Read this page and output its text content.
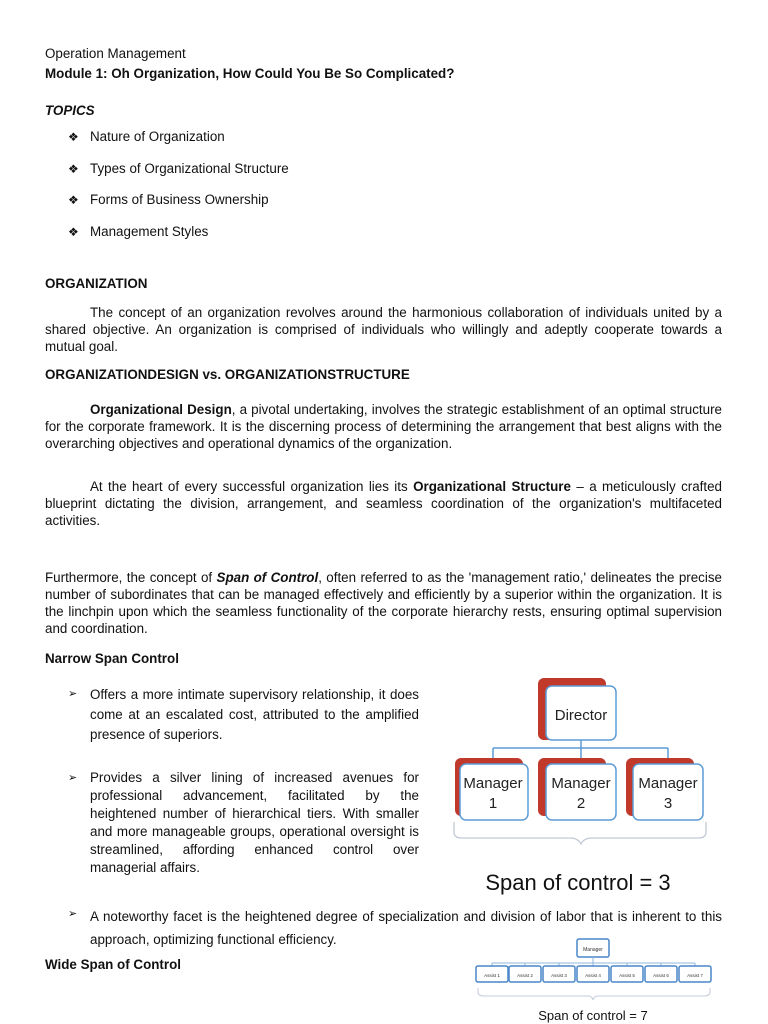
Operation Management
Module 1: Oh Organization, How Could You Be So Complicated?
TOPICS
❖ Nature of Organization
❖ Types of Organizational Structure
❖ Forms of Business Ownership
❖ Management Styles
ORGANIZATION
The concept of an organization revolves around the harmonious collaboration of individuals united by a shared objective. An organization is comprised of individuals who willingly and adeptly cooperate towards a mutual goal.
ORGANIZATIONDESIGN vs. ORGANIZATIONSTRUCTURE
Organizational Design, a pivotal undertaking, involves the strategic establishment of an optimal structure for the corporate framework. It is the discerning process of determining the arrangement that best aligns with the overarching objectives and operational dynamics of the organization.
At the heart of every successful organization lies its Organizational Structure – a meticulously crafted blueprint dictating the division, arrangement, and seamless coordination of the organization's multifaceted activities.
Furthermore, the concept of Span of Control, often referred to as the 'management ratio,' delineates the precise number of subordinates that can be managed effectively and efficiently by a superior within the organization. It is the linchpin upon which the seamless functionality of the corporate hierarchy rests, ensuring optimal supervision and coordination.
Narrow Span Control
➢ Offers a more intimate supervisory relationship, it does come at an escalated cost, attributed to the amplified presence of superiors.
➢ Provides a silver lining of increased avenues for professional advancement, facilitated by the heightened number of hierarchical tiers. With smaller and more manageable groups, operational oversight is streamlined, affording enhanced control over managerial affairs.
➢ A noteworthy facet is the heightened degree of specialization and division of labor that is inherent to this approach, optimizing functional efficiency.
Wide Span of Control
Director
Manager
1
Manager
2
Manager
3
Span of control = 3
Manager
Assist 1	Assist 2	Assist 3	Assist 4	Assist 5	Assist 6	Assist 7
Span of control = 7
